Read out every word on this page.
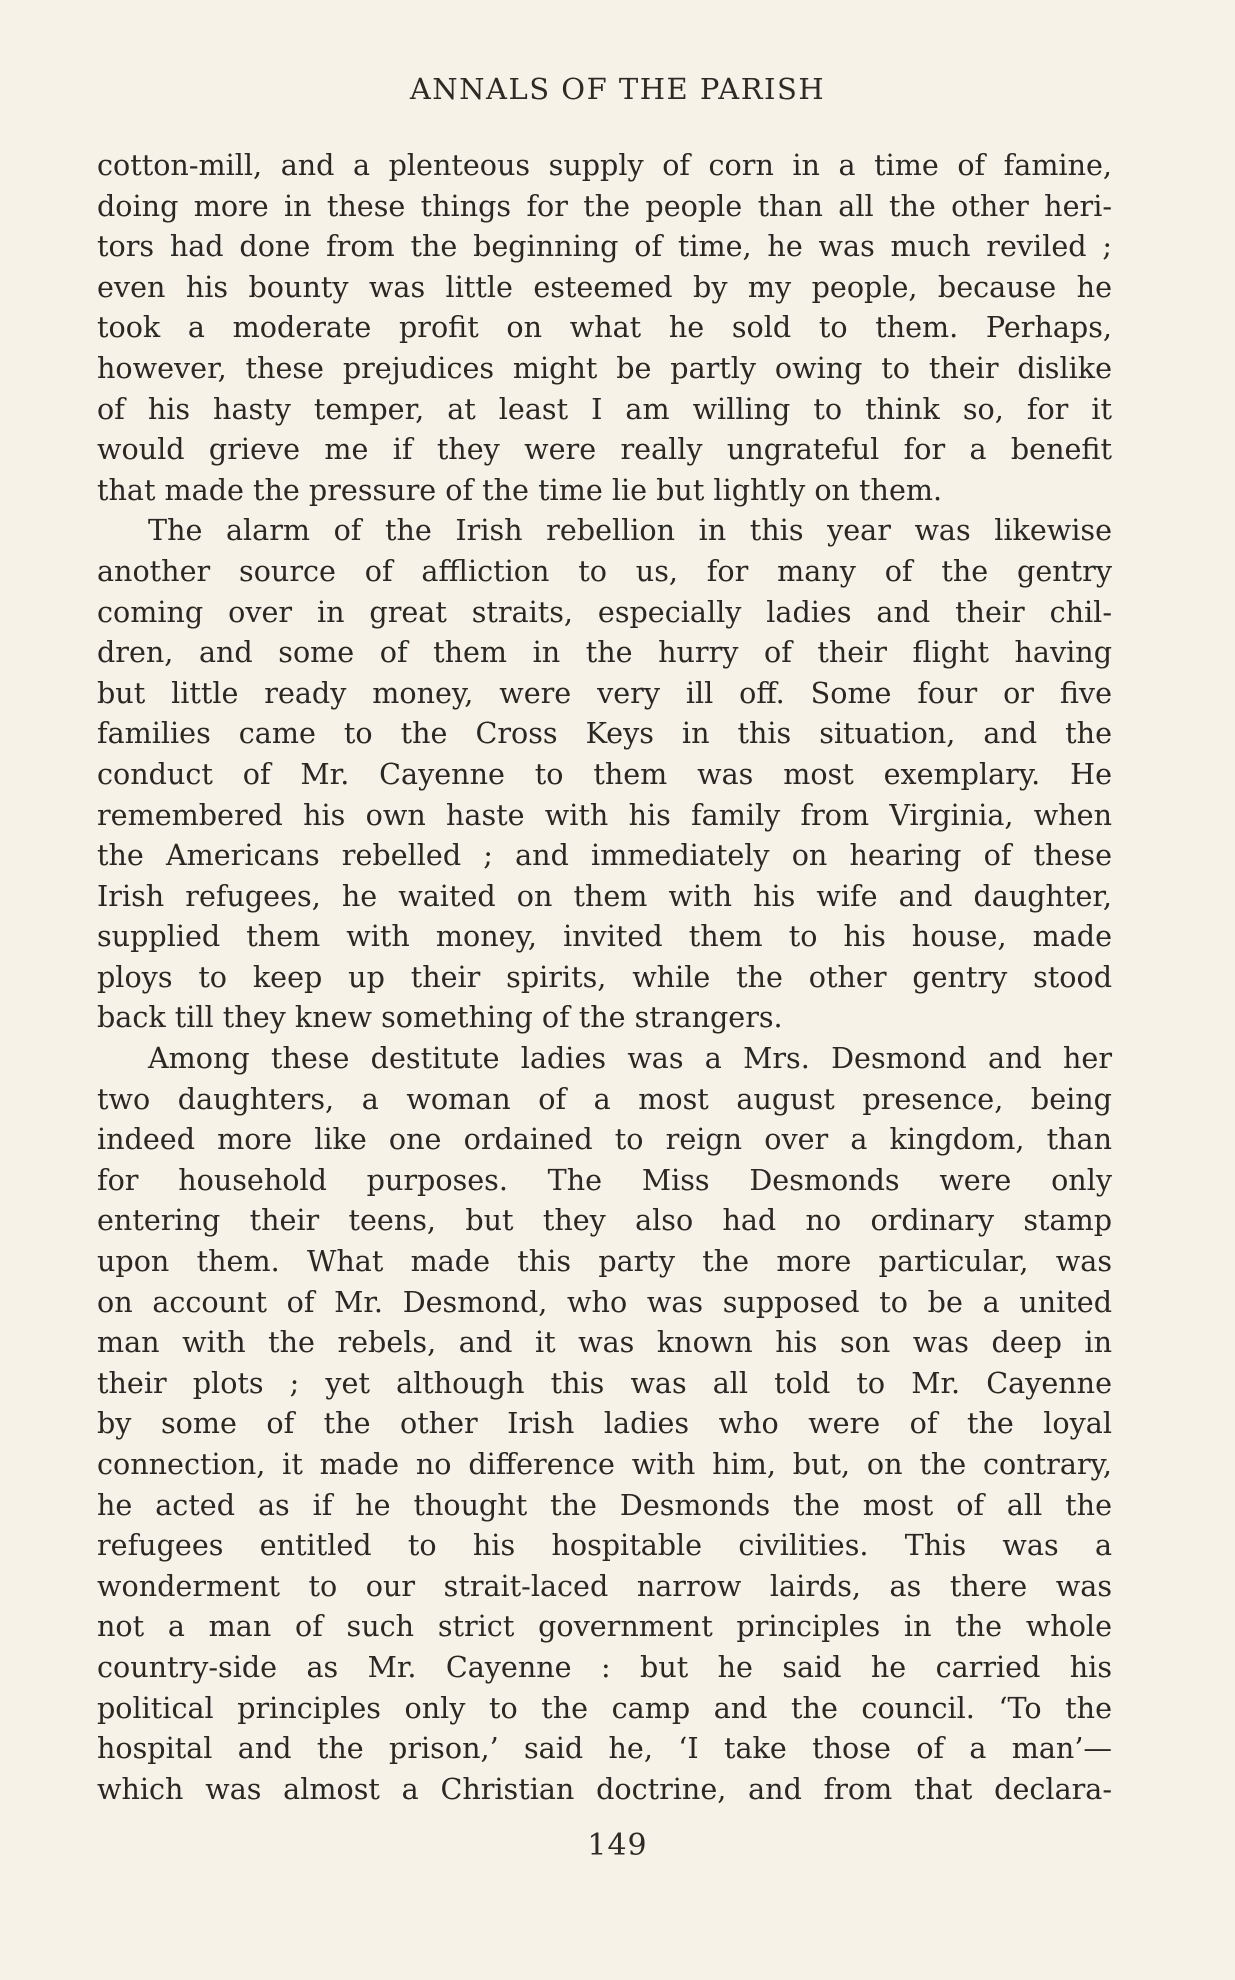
ANNALS OF THE PARISH
cotton-mill, and a plenteous supply of corn in a time of famine,
doing more in these things for the people than all the other heri-
tors had done from the beginning of time, he was much reviled ;
even his bounty was little esteemed by my people, because he
took a moderate profit on what he sold to them. Perhaps,
however, these prejudices might be partly owing to their dislike
of his hasty temper, at least I am willing to think so, for it
would grieve me if they were really ungrateful for a benefit
that made the pressure of the time lie but lightly on them.
The alarm of the Irish rebellion in this year was likewise
another source of affliction to us, for many of the gentry
coming over in great straits, especially ladies and their chil-
dren, and some of them in the hurry of their flight having
but little ready money, were very ill off. Some four or five
families came to the Cross Keys in this situation, and the
conduct of Mr. Cayenne to them was most exemplary. He
remembered his own haste with his family from Virginia, when
the Americans rebelled ; and immediately on hearing of these
Irish refugees, he waited on them with his wife and daughter,
supplied them with money, invited them to his house, made
ploys to keep up their spirits, while the other gentry stood
back till they knew something of the strangers.
Among these destitute ladies was a Mrs. Desmond and her
two daughters, a woman of a most august presence, being
indeed more like one ordained to reign over a kingdom, than
for household purposes. The Miss Desmonds were only
entering their teens, but they also had no ordinary stamp
upon them. What made this party the more particular, was
on account of Mr. Desmond, who was supposed to be a united
man with the rebels, and it was known his son was deep in
their plots ; yet although this was all told to Mr. Cayenne
by some of the other Irish ladies who were of the loyal
connection, it made no difference with him, but, on the contrary,
he acted as if he thought the Desmonds the most of all the
refugees entitled to his hospitable civilities. This was a
wonderment to our strait-laced narrow lairds, as there was
not a man of such strict government principles in the whole
country-side as Mr. Cayenne : but he said he carried his
political principles only to the camp and the council. ‘To the
hospital and the prison,’ said he, ‘I take those of a man’—
which was almost a Christian doctrine, and from that declara-
149
